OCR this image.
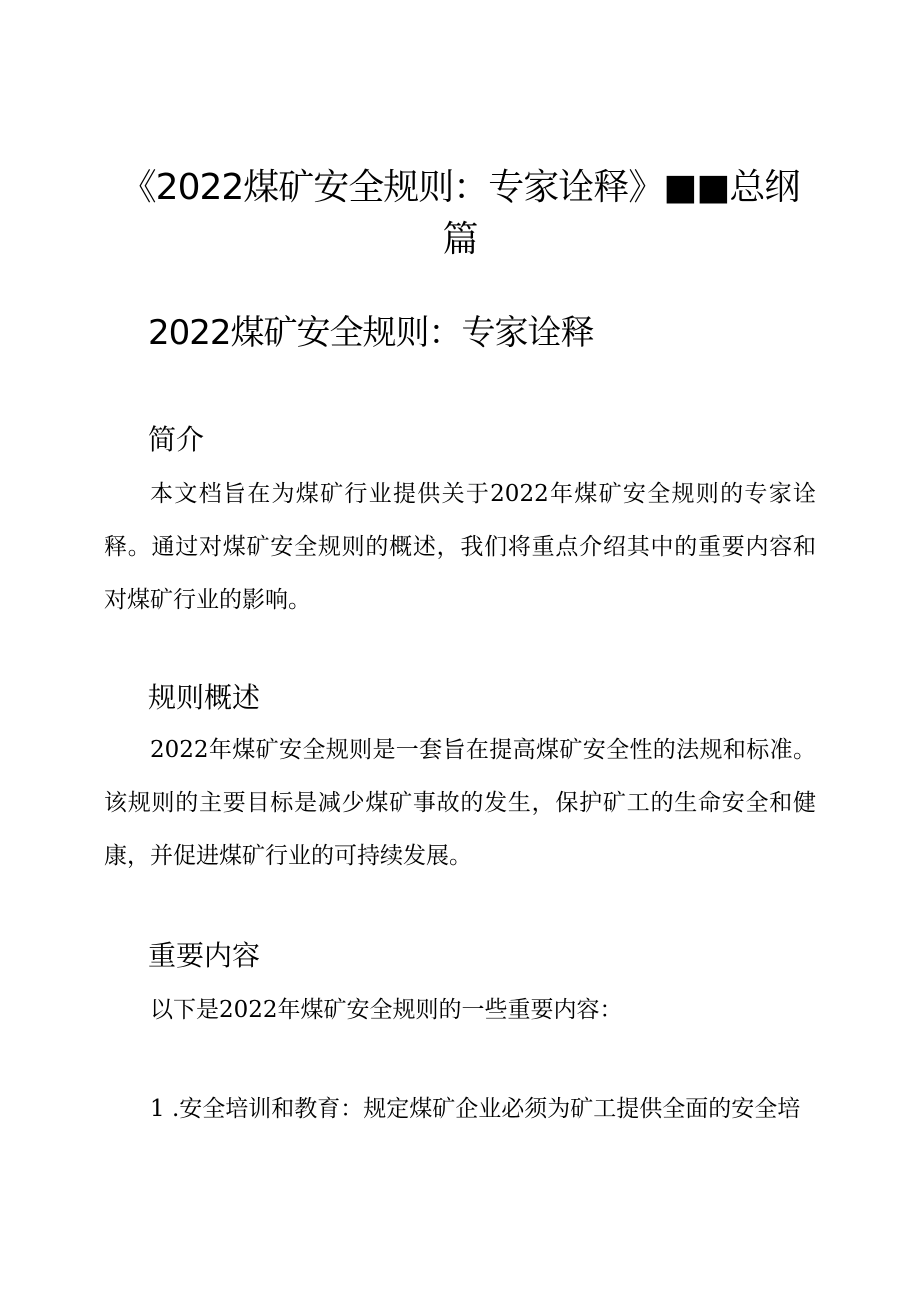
《2022煤矿安全规则：专家诠释》■■总纲篇
2022煤矿安全规则：专家诠释
简介
本文档旨在为煤矿行业提供关于2022年煤矿安全规则的专家诠释。通过对煤矿安全规则的概述，我们将重点介绍其中的重要内容和对煤矿行业的影响。
规则概述
2022年煤矿安全规则是一套旨在提高煤矿安全性的法规和标准。该规则的主要目标是减少煤矿事故的发生，保护矿工的生命安全和健康，并促进煤矿行业的可持续发展。
重要内容
以下是2022年煤矿安全规则的一些重要内容：
1 .安全培训和教育：规定煤矿企业必须为矿工提供全面的安全培
